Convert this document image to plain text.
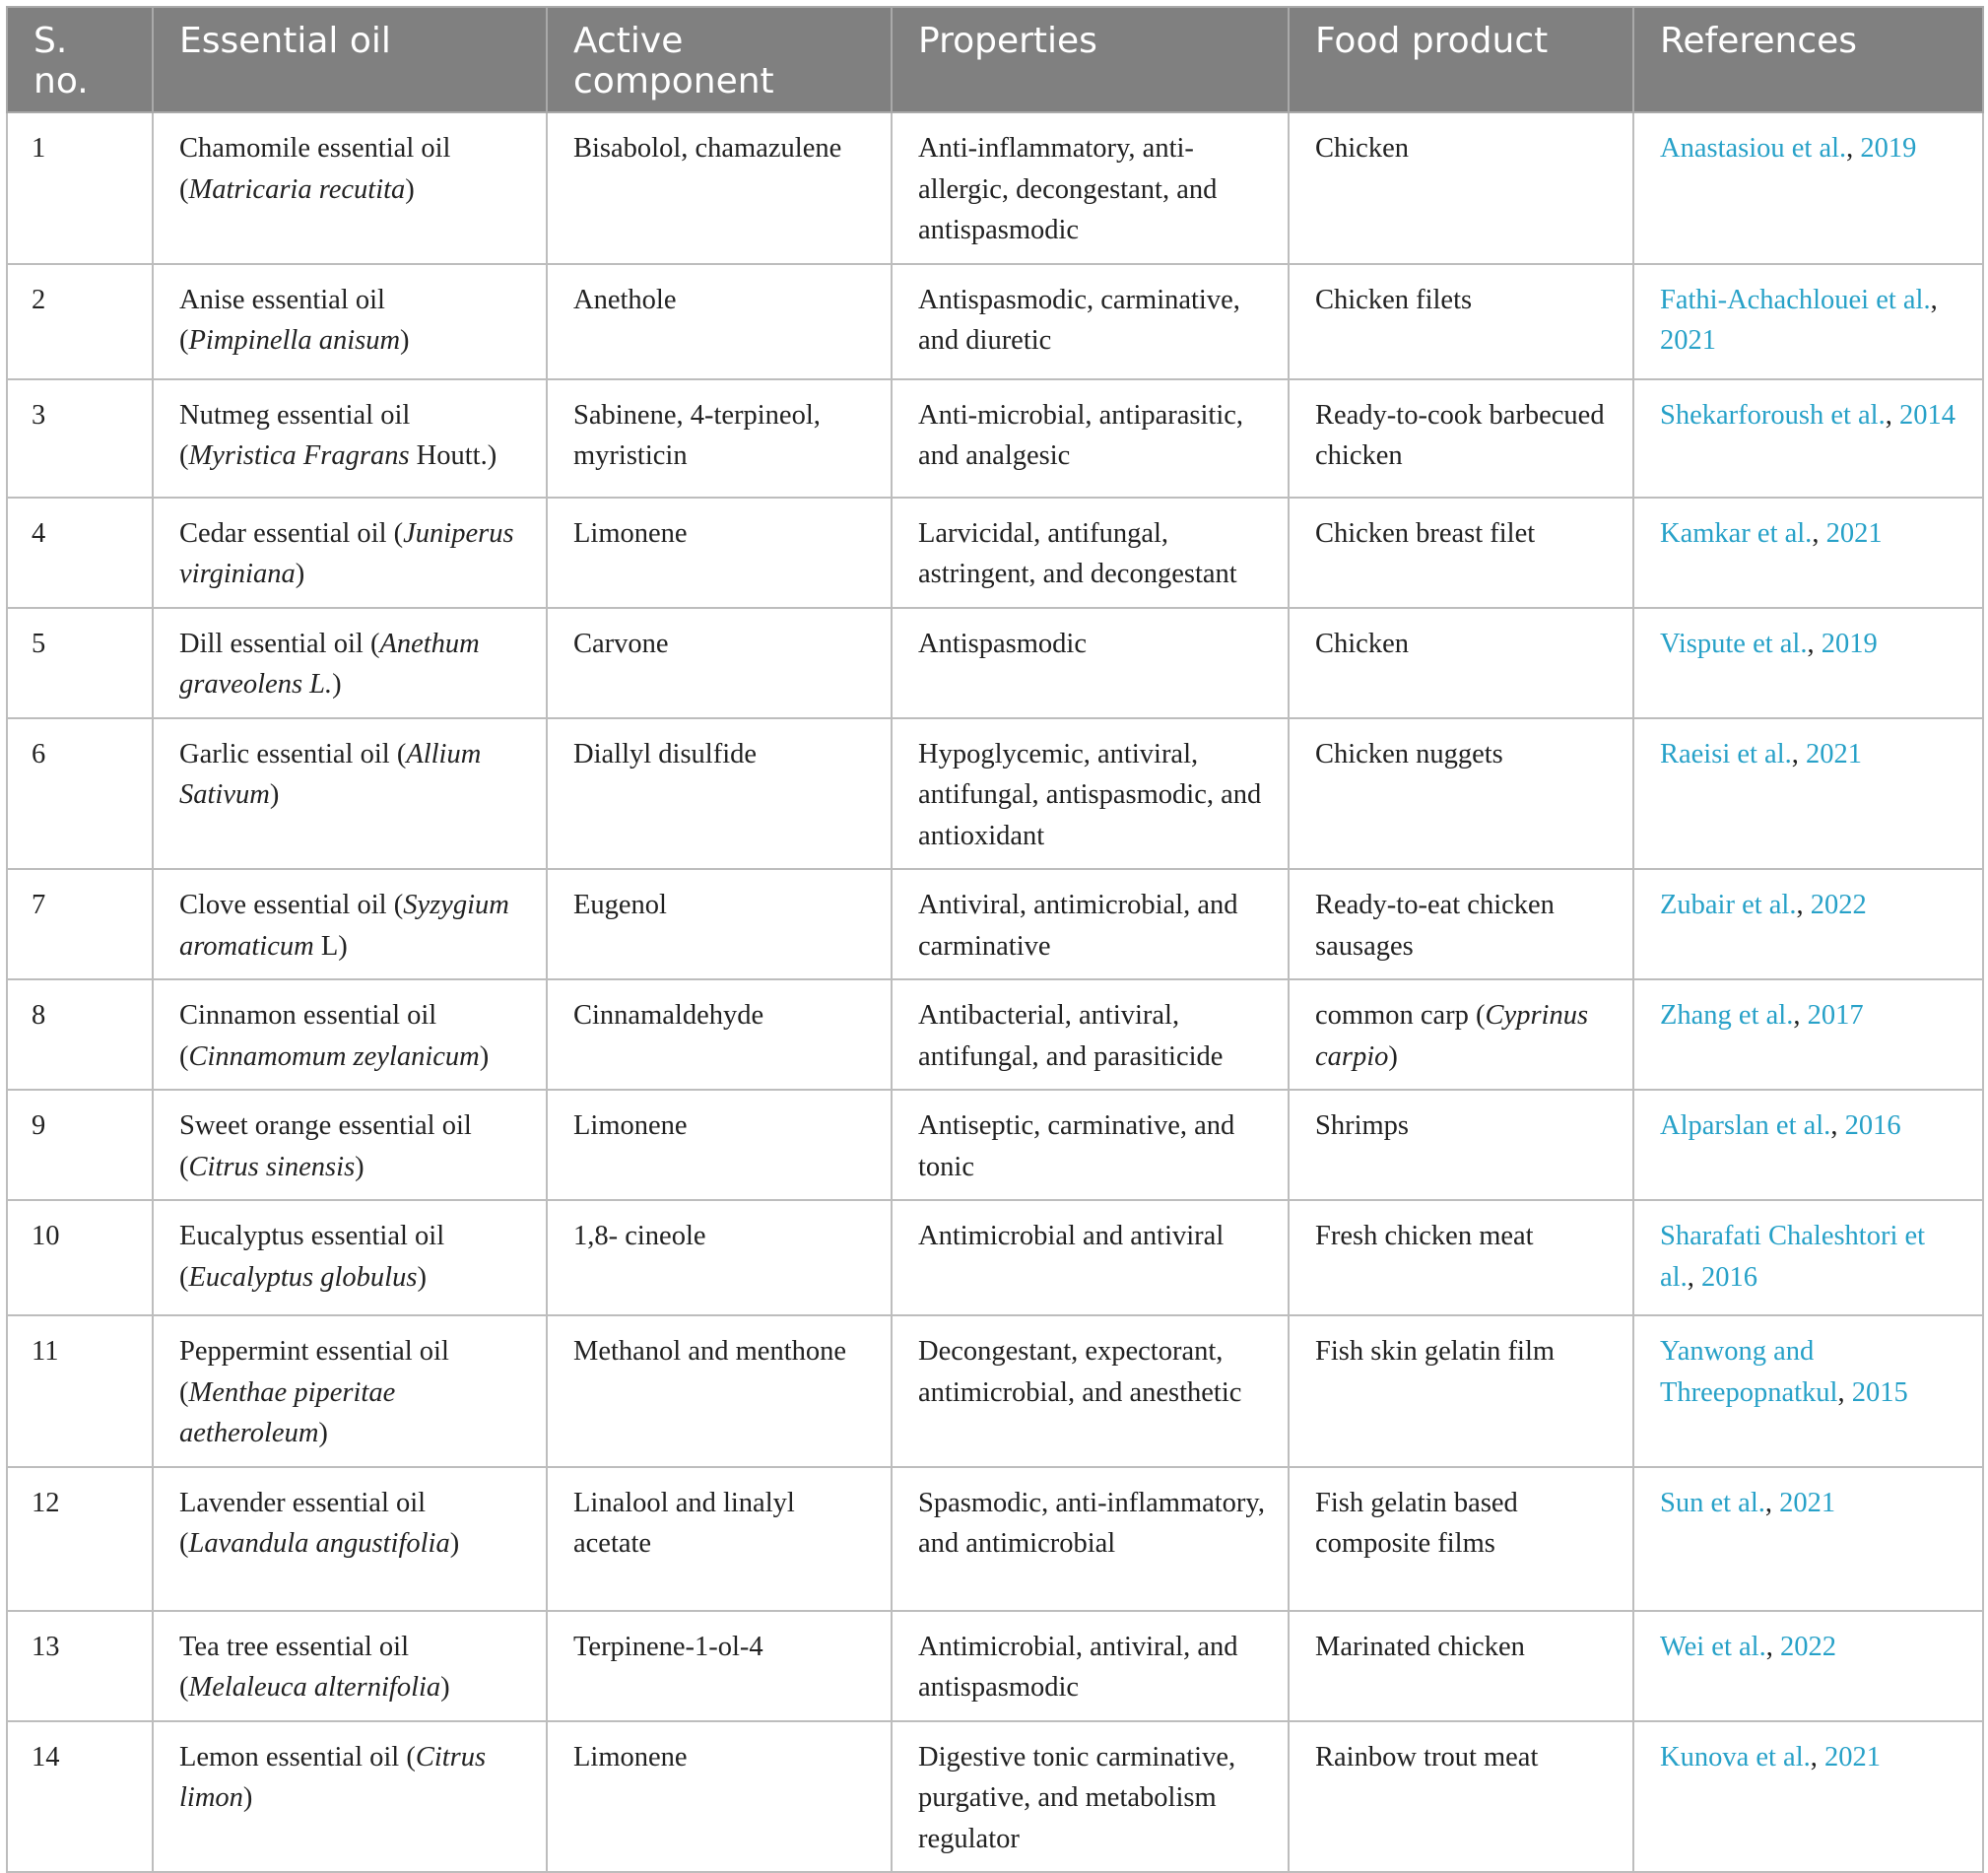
S. no.	Essential oil	Active component	Properties	Food product	References
1	Chamomile essential oil (Matricaria recutita)	Bisabolol, chamazulene	Anti-inflammatory, anti-allergic, decongestant, and antispasmodic	Chicken	Anastasiou et al., 2019
2	Anise essential oil (Pimpinella anisum)	Anethole	Antispasmodic, carminative, and diuretic	Chicken filets	Fathi-Achachlouei et al., 2021
3	Nutmeg essential oil (Myristica Fragrans Houtt.)	Sabinene, 4-terpineol, myristicin	Anti-microbial, antiparasitic, and analgesic	Ready-to-cook barbecued chicken	Shekarforoush et al., 2014
4	Cedar essential oil (Juniperus virginiana)	Limonene	Larvicidal, antifungal, astringent, and decongestant	Chicken breast filet	Kamkar et al., 2021
5	Dill essential oil (Anethum graveolens L.)	Carvone	Antispasmodic	Chicken	Vispute et al., 2019
6	Garlic essential oil (Allium Sativum)	Diallyl disulfide	Hypoglycemic, antiviral, antifungal, antispasmodic, and antioxidant	Chicken nuggets	Raeisi et al., 2021
7	Clove essential oil (Syzygium aromaticum L)	Eugenol	Antiviral, antimicrobial, and carminative	Ready-to-eat chicken sausages	Zubair et al., 2022
8	Cinnamon essential oil (Cinnamomum zeylanicum)	Cinnamaldehyde	Antibacterial, antiviral, antifungal, and parasiticide	common carp (Cyprinus carpio)	Zhang et al., 2017
9	Sweet orange essential oil (Citrus sinensis)	Limonene	Antiseptic, carminative, and tonic	Shrimps	Alparslan et al., 2016
10	Eucalyptus essential oil (Eucalyptus globulus)	1,8- cineole	Antimicrobial and antiviral	Fresh chicken meat	Sharafati Chaleshtori et al., 2016
11	Peppermint essential oil (Menthae piperitae aetheroleum)	Methanol and menthone	Decongestant, expectorant, antimicrobial, and anesthetic	Fish skin gelatin film	Yanwong and Threepopnatkul, 2015
12	Lavender essential oil (Lavandula angustifolia)	Linalool and linalyl acetate	Spasmodic, anti-inflammatory, and antimicrobial	Fish gelatin based composite films	Sun et al., 2021
13	Tea tree essential oil (Melaleuca alternifolia)	Terpinene-1-ol-4	Antimicrobial, antiviral, and antispasmodic	Marinated chicken	Wei et al., 2022
14	Lemon essential oil (Citrus limon)	Limonene	Digestive tonic carminative, purgative, and metabolism regulator	Rainbow trout meat	Kunova et al., 2021
